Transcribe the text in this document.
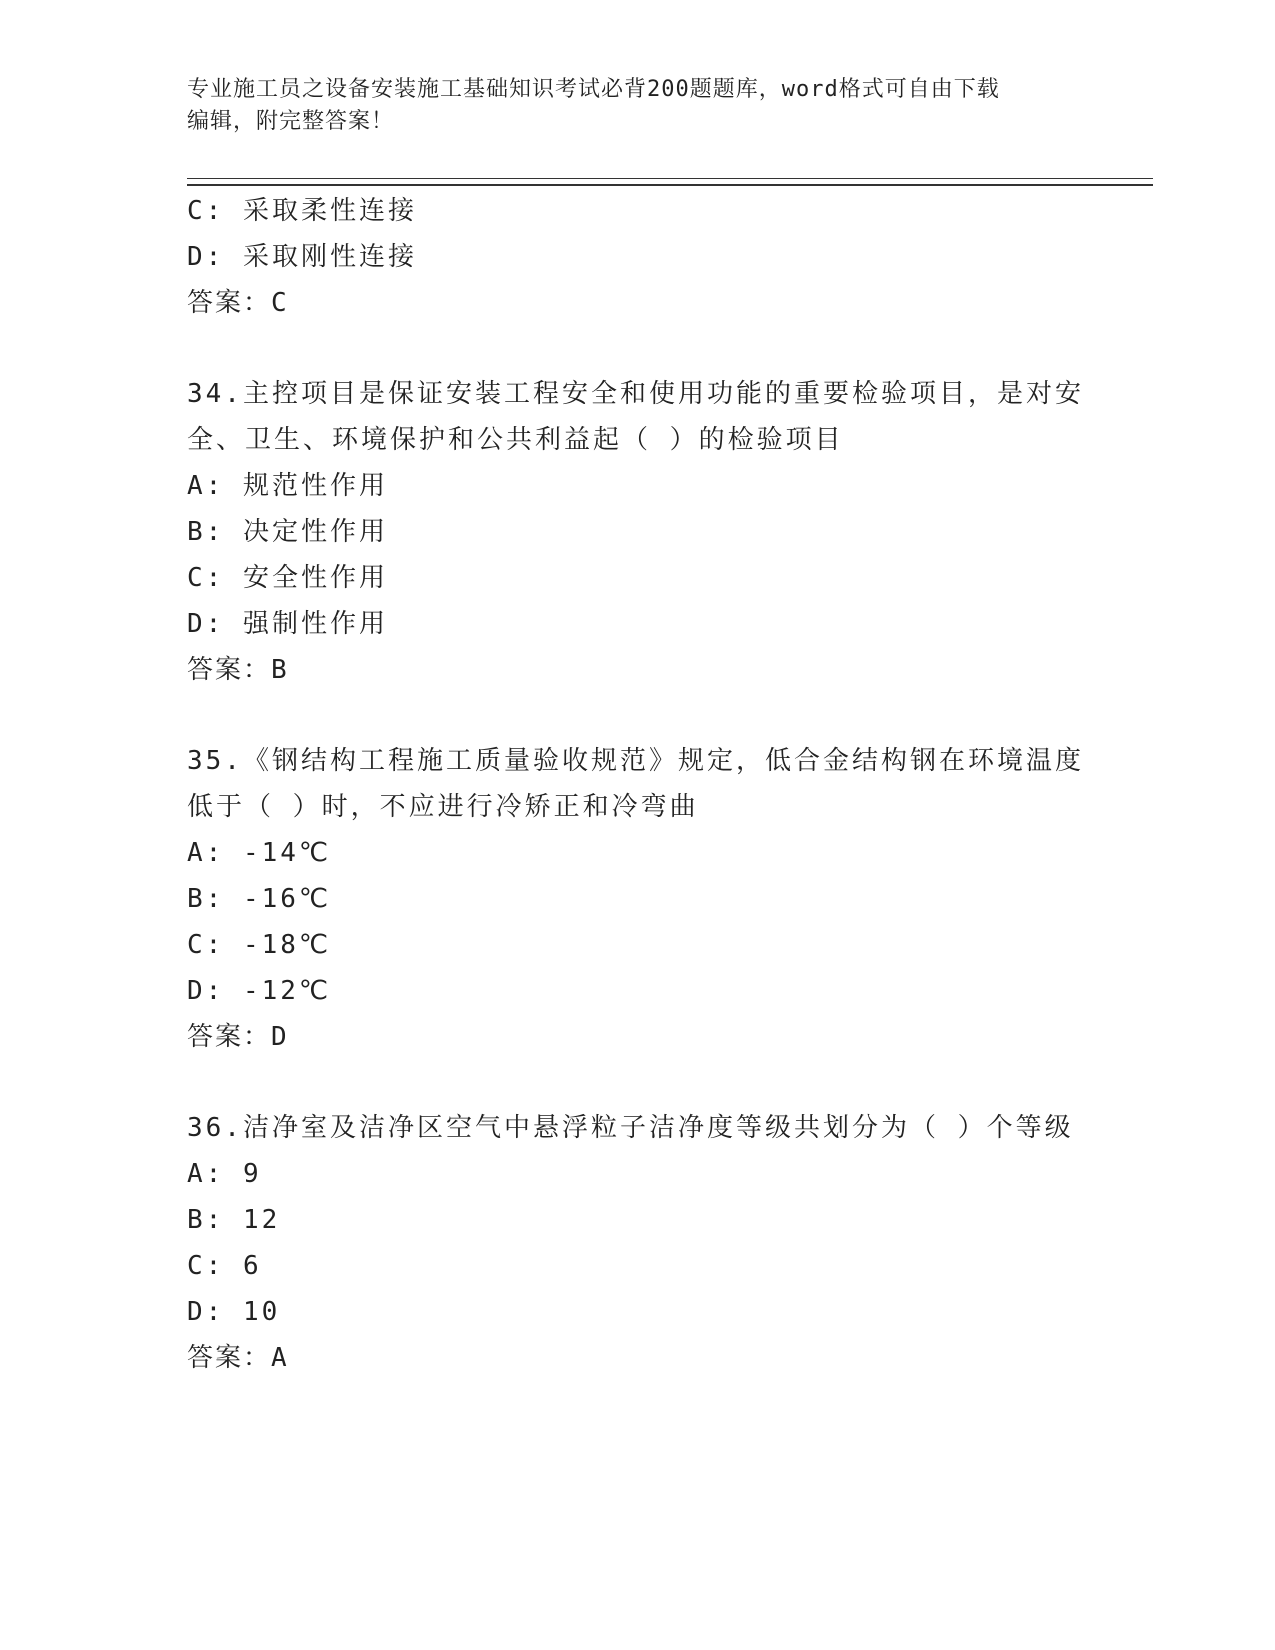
专业施工员之设备安装施工基础知识考试必背200题题库，word格式可自由下载
编辑，附完整答案！
C: 采取柔性连接
D: 采取刚性连接
答案：C
34.主控项目是保证安装工程安全和使用功能的重要检验项目，是对安
全、卫生、环境保护和公共利益起（ ）的检验项目
A: 规范性作用
B: 决定性作用
C: 安全性作用
D: 强制性作用
答案：B
35.《钢结构工程施工质量验收规范》规定，低合金结构钢在环境温度
低于（ ）时，不应进行冷矫正和冷弯曲
A: -14℃
B: -16℃
C: -18℃
D: -12℃
答案：D
36.洁净室及洁净区空气中悬浮粒子洁净度等级共划分为（ ）个等级
A: 9
B: 12
C: 6
D: 10
答案：A
